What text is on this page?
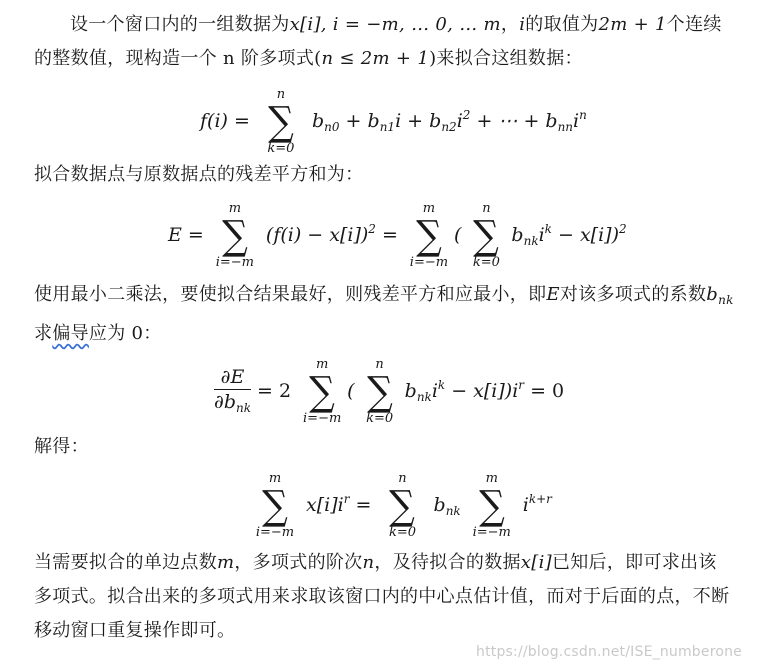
设一个窗口内的一组数据为x[i], i = −m, … 0, … m，i的取值为2m + 1个连续的整数值，现构造一个 n 阶多项式(n ≤ 2m + 1)来拟合这组数据：
f(i) =
n
∑
k=0
$b_{n0} + b_{n1}i + b_{n2}i^2$ + ⋯ + $b_{nn}i^n$
拟合数据点与原数据点的残差平方和为：
E =
m
∑
i=−m
$(f(i) - x[i])^2$ =
m
∑
i=−m
(
n
∑
k=0
$b_{nk}i^k - x[i])^2$
使用最小二乘法，要使拟合结果最好，则残差平方和应最小，即E对该多项式的系数$b_{nk}$求偏导应为 0：
$\frac{\partial E}{\partial b_{nk}} = 2$
m
∑
i=−m
(
n
∑
k=0
$b_{nk}i^k - x[i])i^r = 0$
解得：
m
∑
i=−m
$x[i]i^r$ =
n
∑
k=0
$b_{nk}$
m
∑
i=−m
$i^{k+r}$
当需要拟合的单边点数m，多项式的阶次n，及待拟合的数据x[i]已知后，即可求出该多项式。拟合出来的多项式用来求取该窗口内的中心点估计值，而对于后面的点，不断移动窗口重复操作即可。
https://blog.csdn.net/ISE_numberone
